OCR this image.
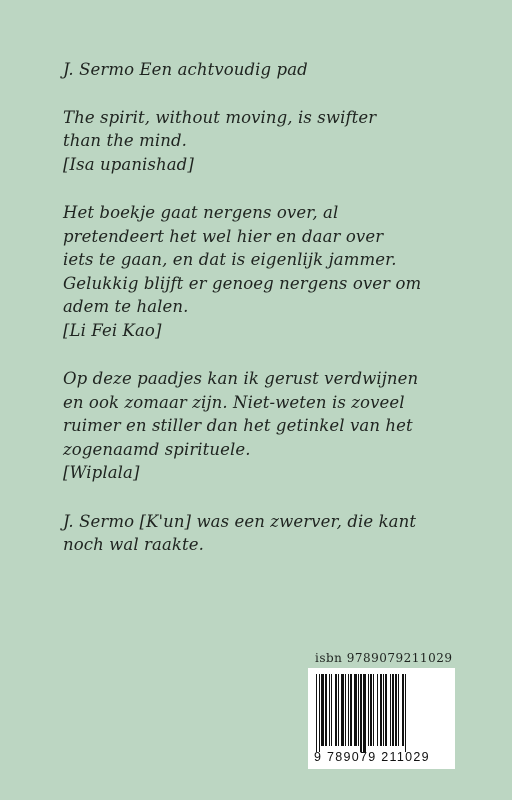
J. Sermo Een achtvoudig pad
The spirit, without moving, is swifter
than the mind.
[Isa upanishad]
Het boekje gaat nergens over, al
pretendeert het wel hier en daar over
iets te gaan, en dat is eigenlijk jammer.
Gelukkig blijft er genoeg nergens over om
adem te halen.
[Li Fei Kao]
Op deze paadjes kan ik gerust verdwijnen
en ook zomaar zijn. Niet-weten is zoveel
ruimer en stiller dan het getinkel van het
zogenaamd spirituele.
[Wiplala]
J. Sermo [K'un] was een zwerver, die kant
noch wal raakte.
isbn 9789079211029
9 789079 211029
